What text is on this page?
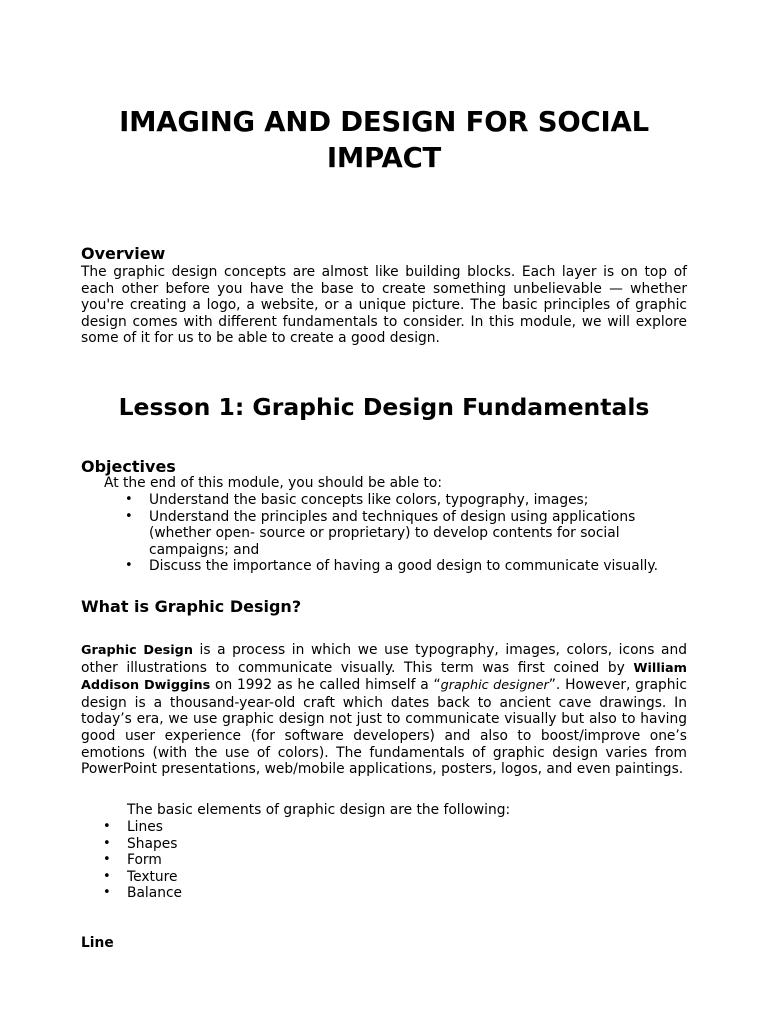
IMAGING AND DESIGN FOR SOCIAL
IMPACT
Overview
The graphic design concepts are almost like building blocks. Each layer is on top of each other before you have the base to create something unbelievable — whether you're creating a logo, a website, or a unique picture. The basic principles of graphic design comes with different fundamentals to consider. In this module, we will explore some of it for us to be able to create a good design.
Lesson 1: Graphic Design Fundamentals
Objectives
At the end of this module, you should be able to:
• Understand the basic concepts like colors, typography, images;
• Understand the principles and techniques of design using applications (whether open- source or proprietary) to develop contents for social campaigns; and
• Discuss the importance of having a good design to communicate visually.
What is Graphic Design?
Graphic Design is a process in which we use typography, images, colors, icons and other illustrations to communicate visually. This term was first coined by William Addison Dwiggins on 1992 as he called himself a “graphic designer”. However, graphic design is a thousand-year-old craft which dates back to ancient cave drawings. In today’s era, we use graphic design not just to communicate visually but also to having good user experience (for software developers) and also to boost/improve one’s emotions (with the use of colors). The fundamentals of graphic design varies from PowerPoint presentations, web/mobile applications, posters, logos, and even paintings.
The basic elements of graphic design are the following:
• Lines
• Shapes
• Form
• Texture
• Balance
Line
